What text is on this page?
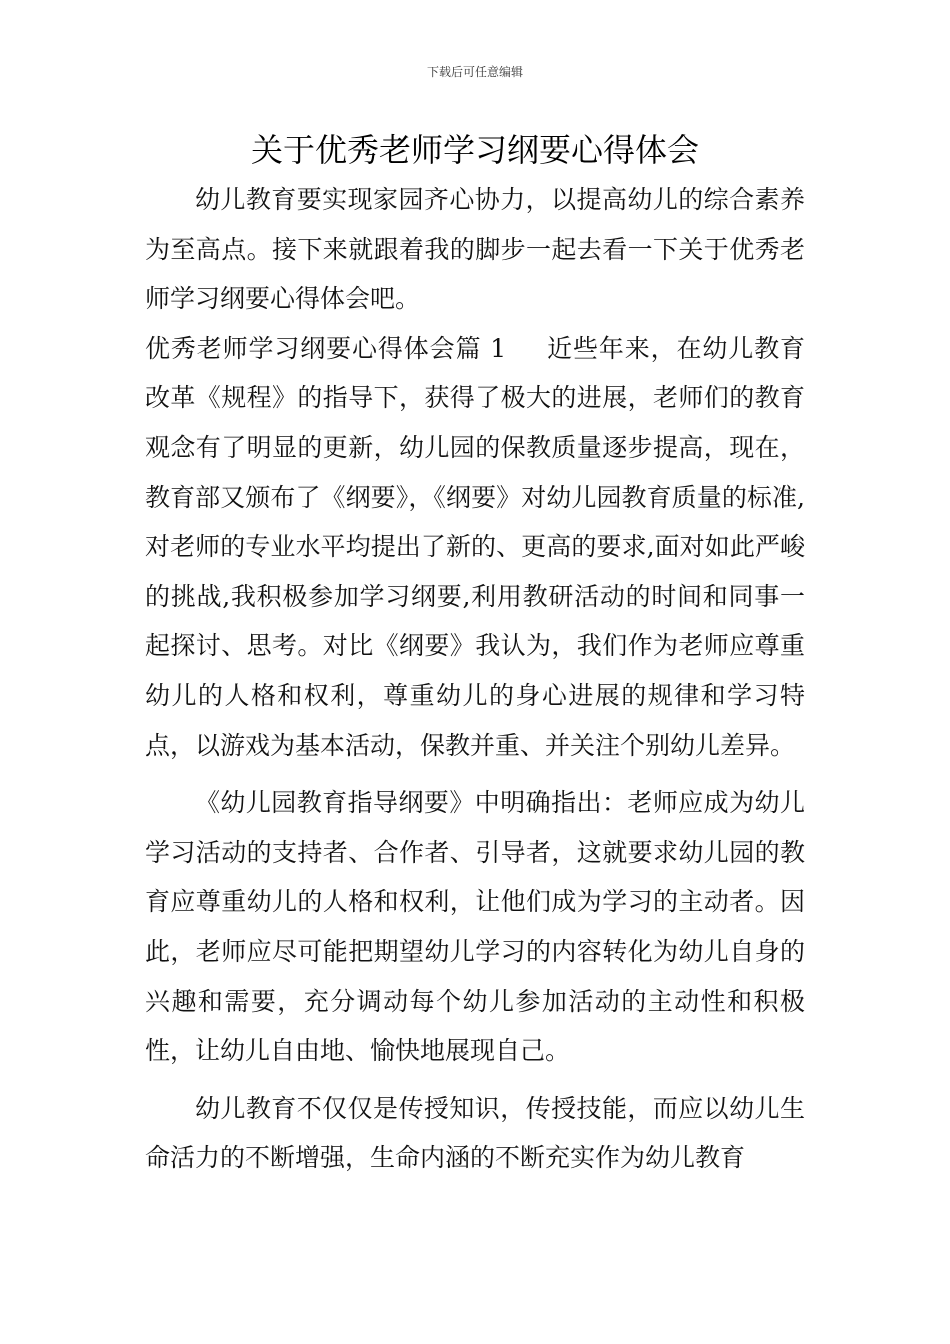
下载后可任意编辑
关于优秀老师学习纲要心得体会

幼儿教育要实现家园齐心协力，以提高幼儿的综合素养为至高点。接下来就跟着我的脚步一起去看一下关于优秀老师学习纲要心得体会吧。

优秀老师学习纲要心得体会篇 1 近些年来，在幼儿教育改革《规程》的指导下，获得了极大的进展，老师们的教育观念有了明显的更新，幼儿园的保教质量逐步提高，现在，教育部又颁布了《纲要》，《纲要》对幼儿园教育质量的标准,对老师的专业水平均提出了新的、更高的要求,面对如此严峻的挑战,我积极参加学习纲要,利用教研活动的时间和同事一起探讨、思考。对比《纲要》我认为，我们作为老师应尊重幼儿的人格和权利，尊重幼儿的身心进展的规律和学习特点，以游戏为基本活动，保教并重、并关注个别幼儿差异。

《幼儿园教育指导纲要》中明确指出：老师应成为幼儿学习活动的支持者、合作者、引导者，这就要求幼儿园的教育应尊重幼儿的人格和权利，让他们成为学习的主动者。因此，老师应尽可能把期望幼儿学习的内容转化为幼儿自身的兴趣和需要，充分调动每个幼儿参加活动的主动性和积极性，让幼儿自由地、愉快地展现自己。

幼儿教育不仅仅是传授知识，传授技能，而应以幼儿生命活力的不断增强，生命内涵的不断充实作为幼儿教育
